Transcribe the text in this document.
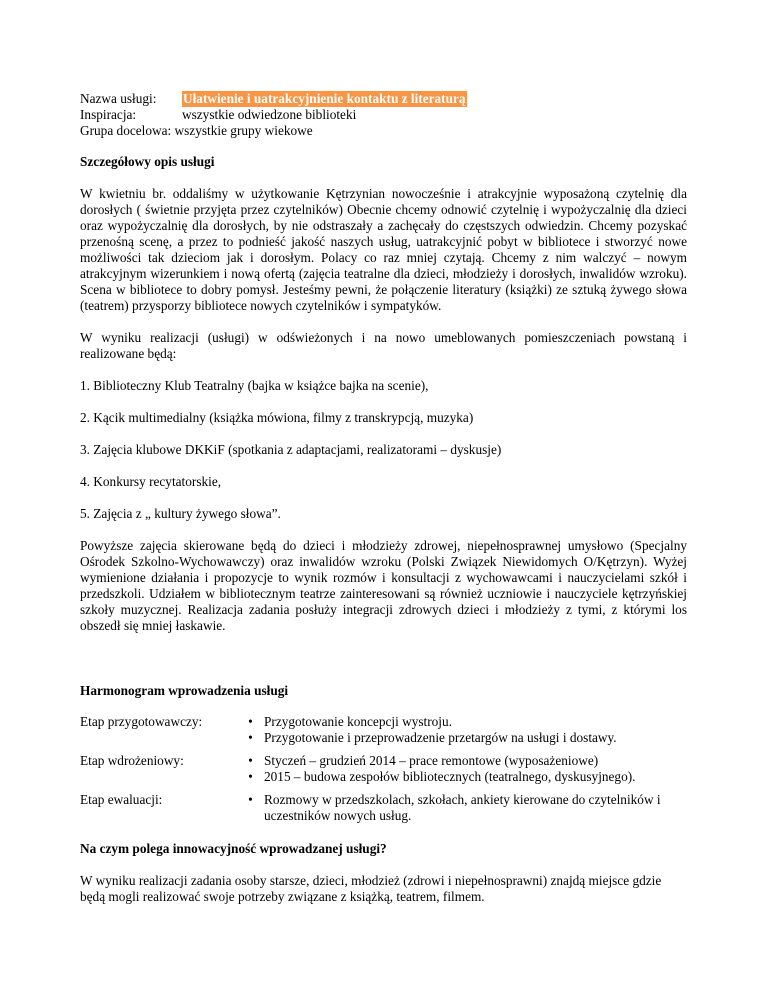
Nazwa usługi:	Ułatwienie i uatrakcyjnienie kontaktu z literaturą
Inspiracja:	wszystkie odwiedzone biblioteki
Grupa docelowa:
wszystkie grupy wiekowe
Szczegółowy opis usługi

W kwietniu br. oddaliśmy w użytkowanie Kętrzynian nowocześnie i atrakcyjnie wyposażoną czytelnię dla dorosłych ( świetnie przyjęta przez czytelników) Obecnie chcemy odnowić czytelnię i wypożyczalnię dla dzieci oraz wypożyczalnię dla dorosłych, by nie odstraszały a zachęcały do częstszych odwiedzin. Chcemy pozyskać przenośną scenę, a przez to podnieść jakość naszych usług, uatrakcyjnić pobyt w bibliotece i stworzyć nowe możliwości tak dzieciom jak i dorosłym. Polacy co raz mniej czytają. Chcemy z nim walczyć – nowym atrakcyjnym wizerunkiem i nową ofertą (zajęcia teatralne dla dzieci, młodzieży i dorosłych, inwalidów wzroku). Scena w bibliotece to dobry pomysł. Jesteśmy pewni, że połączenie literatury (książki) ze sztuką żywego słowa (teatrem) przysporzy bibliotece nowych czytelników i sympatyków.

W wyniku realizacji (usługi) w odświeżonych i na nowo umeblowanych pomieszczeniach powstaną i realizowane będą:

1. Biblioteczny Klub Teatralny (bajka w książce bajka na scenie),

2. Kącik multimedialny (książka mówiona, filmy z transkrypcją, muzyka)

3. Zajęcia klubowe DKKiF (spotkania z adaptacjami, realizatorami – dyskusje)

4. Konkursy recytatorskie,

5. Zajęcia z „ kultury żywego słowa”.

Powyższe zajęcia skierowane będą do dzieci i młodzieży zdrowej, niepełnosprawnej umysłowo (Specjalny Ośrodek Szkolno-Wychowawczy) oraz inwalidów wzroku (Polski Związek Niewidomych O/Kętrzyn). Wyżej wymienione działania i propozycje to wynik rozmów i konsultacji z wychowawcami i nauczycielami szkół i przedszkoli. Udziałem w bibliotecznym teatrze zainteresowani są również uczniowie i nauczyciele kętrzyńskiej szkoły muzycznej. Realizacja zadania posłuży integracji zdrowych dzieci i młodzieży z tymi, z którymi los obszedł się mniej łaskawie.

Harmonogram wprowadzenia usługi
Etap przygotowawczy:
Etap wdrożeniowy:
Etap ewaluacji:
• Przygotowanie koncepcji wystroju.
• Przygotowanie i przeprowadzenie przetargów na usługi i dostawy.
• Styczeń – grudzień 2014 – prace remontowe (wyposażeniowe)
• 2015 – budowa zespołów bibliotecznych (teatralnego, dyskusyjnego).
• Rozmowy w przedszkolach, szkołach, ankiety kierowane do czytelników i uczestników nowych usług.
Na czym polega innowacyjność wprowadzanej usługi?

W wyniku realizacji zadania osoby starsze, dzieci, młodzież (zdrowi i niepełnosprawni) znajdą miejsce gdzie będą mogli realizować swoje potrzeby związane z książką, teatrem, filmem.
